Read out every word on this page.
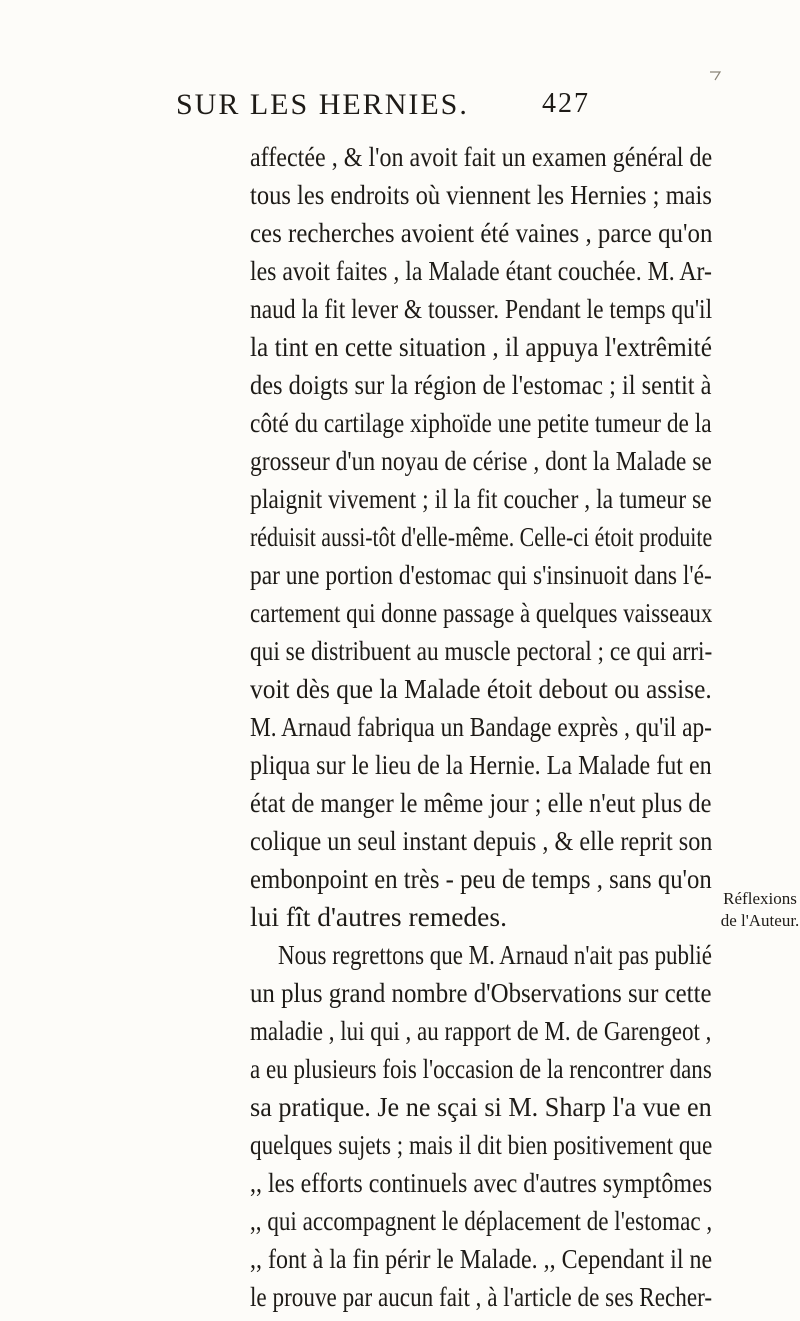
SUR LES HERNIES.	427
affectée , & l'on avoit fait un examen général de
tous les endroits où viennent les Hernies ; mais
ces recherches avoient été vaines , parce qu'on
les avoit faites , la Malade étant couchée. M. Ar-
naud la fit lever & tousser. Pendant le temps qu'il
la tint en cette situation , il appuya l'extrêmité
des doigts sur la région de l'estomac ; il sentit à
côté du cartilage xiphoïde une petite tumeur de la
grosseur d'un noyau de cérise , dont la Malade se
plaignit vivement ; il la fit coucher , la tumeur se
réduisit aussi-tôt d'elle-même. Celle-ci étoit produite
par une portion d'estomac qui s'insinuoit dans l'é-
cartement qui donne passage à quelques vaisseaux
qui se distribuent au muscle pectoral ; ce qui arri-
voit dès que la Malade étoit debout ou assise.
M. Arnaud fabriqua un Bandage exprès , qu'il ap-
pliqua sur le lieu de la Hernie. La Malade fut en
état de manger le même jour ; elle n'eut plus de
colique un seul instant depuis , & elle reprit son
embonpoint en très - peu de temps , sans qu'on
lui fît d'autres remedes.
Nous regrettons que M. Arnaud n'ait pas publié
un plus grand nombre d'Observations sur cette
maladie , lui qui , au rapport de M. de Garengeot ,
a eu plusieurs fois l'occasion de la rencontrer dans
sa pratique. Je ne sçai si M. Sharp l'a vue en
quelques sujets ; mais il dit bien positivement que
,, les efforts continuels avec d'autres symptômes
,, qui accompagnent le déplacement de l'estomac ,
,, font à la fin périr le Malade. ,, Cependant il ne
le prouve par aucun fait , à l'article de ses Recher-
Réflexions
de l'Auteur.
